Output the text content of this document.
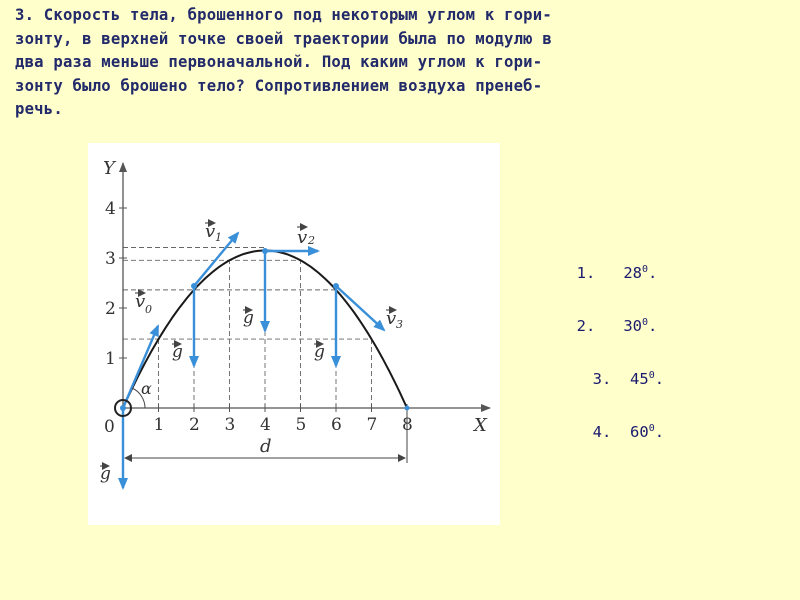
3. Скорость тела, брошенного под некоторым углом к гори-
зонту, в верхней точке своей траектории была по модулю в
два раза меньше первоначальной. Под каким углом к гори-
зонту было брошено тело? Сопротивлением воздуха пренеб-
речь.
Y
X
d
α
0 1 2 3 4 5 6 7 8
1
2
3
4
v 0
v 1	v 2
v 3
g
g
g
g

1. $28^0$.

2. $30^0$.

3. $45^0$.

4. $60^0$.
